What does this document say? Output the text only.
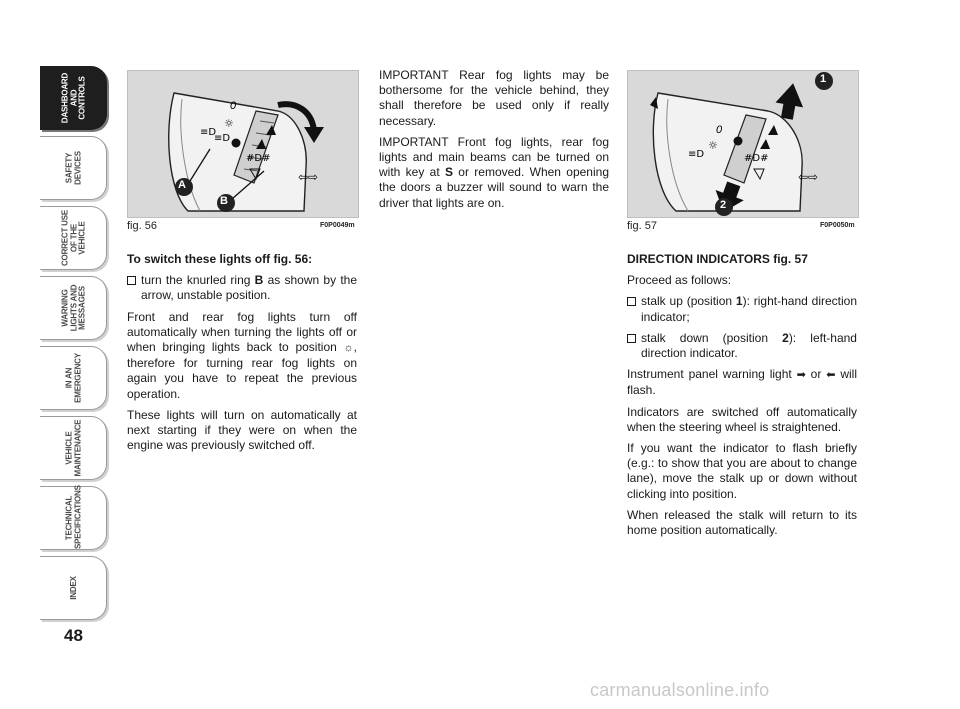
DASHBOARD
AND
CONTROLS
SAFETY
DEVICES
CORRECT USE
OF THE VEHICLE
WARNING
LIGHTS AND
MESSAGES
IN AN
EMERGENCY
VEHICLE
MAINTENANCE
TECHNICAL
SPECIFICATIONS
INDEX
48
0
☼
≡D
≡D
#D#
⇦⇨
A
B
fig. 56	F0P0049m
0
☼
≡D	#D#
⇦⇨
1
2
fig. 57	F0P0050m
To switch these lights off fig. 56:
turn the knurled ring B as shown by the arrow, unstable position.

Front and rear fog lights turn off automatically when turning the lights off or when bringing lights back to position ☼, therefore for turning rear fog lights on again you have to repeat the previous operation.

These lights will turn on automatically at next starting if they were on when the engine was previously switched off.

IMPORTANT Rear fog lights may be bothersome for the vehicle behind, they shall therefore be used only if really necessary.

IMPORTANT Front fog lights, rear fog lights and main beams can be turned on with key at S or removed. When opening the doors a buzzer will sound to warn the driver that lights are on.

DIRECTION INDICATORS fig. 57

Proceed as follows:

stalk up (position 1): right-hand direction indicator;
stalk down (position 2): left-hand direction indicator.

Instrument panel warning light ➡ or ⬅ will flash.

Indicators are switched off automatically when the steering wheel is straightened.

If you want the indicator to flash briefly (e.g.: to show that you are about to change lane), move the stalk up or down without clicking into position.

When released the stalk will return to its home position automatically.

carmanualsonline.info
